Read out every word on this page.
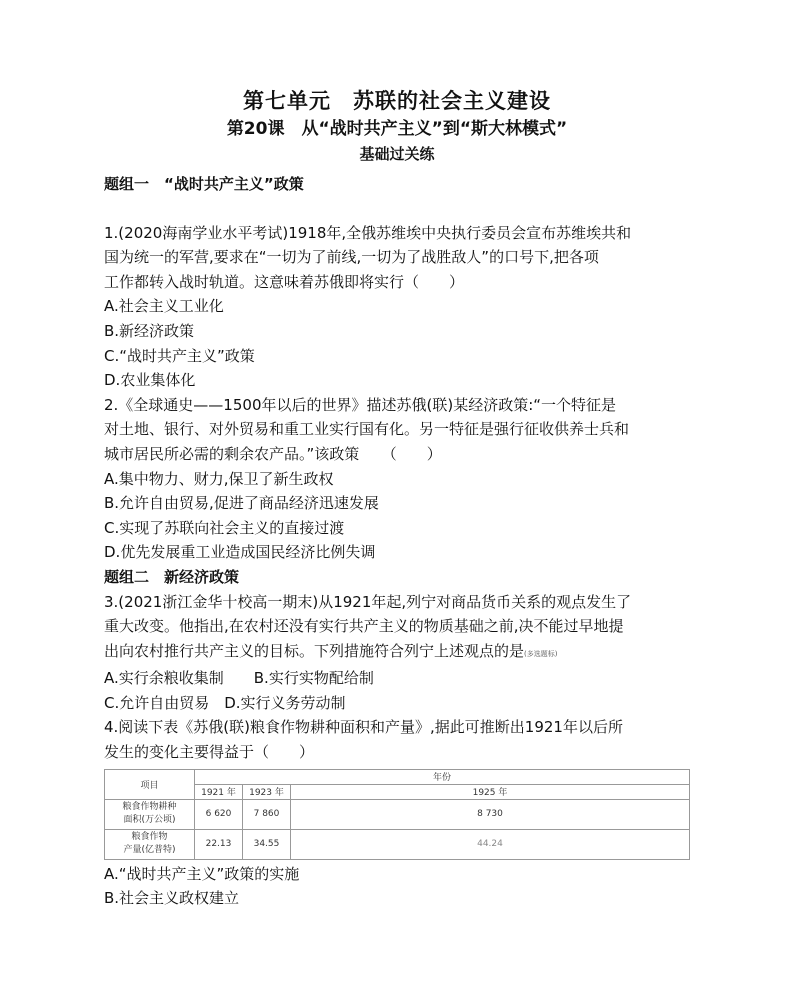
第七单元　苏联的社会主义建设
第20课　从“战时共产主义”到“斯大林模式”
基础过关练
题组一　“战时共产主义”政策
1.(2020海南学业水平考试)1918年,全俄苏维埃中央执行委员会宣布苏维埃共和
国为统一的军营,要求在“一切为了前线,一切为了战胜敌人”的口号下,把各项
工作都转入战时轨道。这意味着苏俄即将实行（　　）
A.社会主义工业化
B.新经济政策
C.“战时共产主义”政策
D.农业集体化
2.《全球通史——1500年以后的世界》描述苏俄(联)某经济政策:“一个特征是
对土地、银行、对外贸易和重工业实行国有化。另一特征是强行征收供养士兵和
城市居民所必需的剩余农产品。”该政策　　（　　）
A.集中物力、财力,保卫了新生政权
B.允许自由贸易,促进了商品经济迅速发展
C.实现了苏联向社会主义的直接过渡
D.优先发展重工业造成国民经济比例失调
题组二　新经济政策
3.(2021浙江金华十校高一期末)从1921年起,列宁对商品货币关系的观点发生了
重大改变。他指出,在农村还没有实行共产主义的物质基础之前,决不能过早地提
出向农村推行共产主义的目标。下列措施符合列宁上述观点的是(多选题标)
A.实行余粮收集制　　B.实行实物配给制
C.允许自由贸易　D.实行义务劳动制
4.阅读下表《苏俄(联)粮食作物耕种面积和产量》,据此可推断出1921年以后所
发生的变化主要得益于（　　）
项目	年份		
	1921 年	1923 年	1925 年
粮食作物耕种
面积(万公顷)	6 620	7 860	8 730
粮食作物
产量(亿普特)	22.13	34.55	44.24
A.“战时共产主义”政策的实施
B.社会主义政权建立
